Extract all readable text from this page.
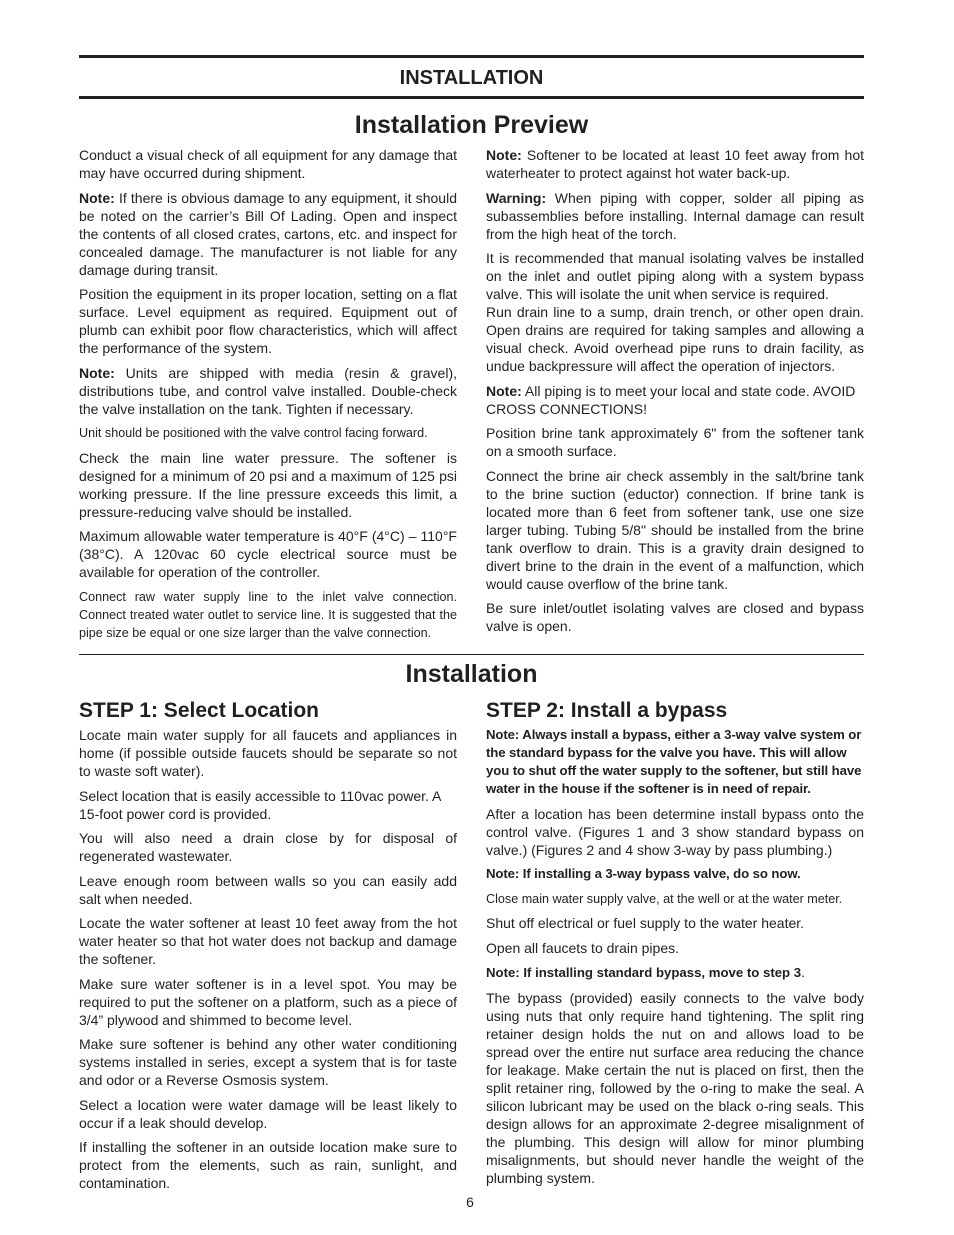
INSTALLATION
Installation Preview

Conduct a visual check of all equipment for any damage that may have occurred during shipment.

Note: If there is obvious damage to any equipment, it should be noted on the carrier’s Bill Of Lading. Open and inspect the contents of all closed crates, cartons, etc. and inspect for concealed damage. The manufacturer is not liable for any damage during transit.

Position the equipment in its proper location, setting on a flat surface. Level equipment as required. Equipment out of plumb can exhibit poor flow characteristics, which will affect the performance of the system.

Note: Units are shipped with media (resin & gravel), distributions tube, and control valve installed. Double-check the valve installation on the tank. Tighten if necessary.

Unit should be positioned with the valve control facing forward.

Check the main line water pressure. The softener is designed for a minimum of 20 psi and a maximum of 125 psi working pressure. If the line pressure exceeds this limit, a pressure-reducing valve should be installed.

Maximum allowable water temperature is 40°F (4°C) – 110°F (38°C). A 120vac 60 cycle electrical source must be available for operation of the controller.

Connect raw water supply line to the inlet valve connection. Connect treated water outlet to service line. It is suggested that the pipe size be equal or one size larger than the valve connection.

Note: Softener to be located at least 10 feet away from hot waterheater to protect against hot water back-up.

Warning: When piping with copper, solder all piping as subassemblies before installing. Internal damage can result from the high heat of the torch.

It is recommended that manual isolating valves be installed on the inlet and outlet piping along with a system bypass valve. This will isolate the unit when service is required.

Run drain line to a sump, drain trench, or other open drain. Open drains are required for taking samples and allowing a visual check. Avoid overhead pipe runs to drain facility, as undue backpressure will affect the operation of injectors.

Note: All piping is to meet your local and state code. AVOID CROSS CONNECTIONS!

Position brine tank approximately 6" from the softener tank on a smooth surface.

Connect the brine air check assembly in the salt/brine tank to the brine suction (eductor) connection. If brine tank is located more than 6 feet from softener tank, use one size larger tubing. Tubing 5/8" should be installed from the brine tank overflow to drain. This is a gravity drain designed to divert brine to the drain in the event of a malfunction, which would cause overflow of the brine tank.

Be sure inlet/outlet isolating valves are closed and bypass valve is open.

Installation

STEP 1: Select Location

Locate main water supply for all faucets and appliances in home (if possible outside faucets should be separate so not to waste soft water).

Select location that is easily accessible to 110vac power. A 15-foot power cord is provided.

You will also need a drain close by for disposal of regenerated wastewater.

Leave enough room between walls so you can easily add salt when needed.

Locate the water softener at least 10 feet away from the hot water heater so that hot water does not backup and damage the softener.

Make sure water softener is in a level spot. You may be required to put the softener on a platform, such as a piece of 3/4” plywood and shimmed to become level.

Make sure softener is behind any other water conditioning systems installed in series, except a system that is for taste and odor or a Reverse Osmosis system.

Select a location were water damage will be least likely to occur if a leak should develop.

If installing the softener in an outside location make sure to protect from the elements, such as rain, sunlight, and contamination.

STEP 2: Install a bypass

Note: Always install a bypass, either a 3-way valve system or the standard bypass for the valve you have. This will allow you to shut off the water supply to the softener, but still have water in the house if the softener is in need of repair.

After a location has been determine install bypass onto the control valve. (Figures 1 and 3 show standard bypass on valve.) (Figures 2 and 4 show 3-way by pass plumbing.)

Note: If installing a 3-way bypass valve, do so now.

Close main water supply valve, at the well or at the water meter.

Shut off electrical or fuel supply to the water heater.

Open all faucets to drain pipes.

Note: If installing standard bypass, move to step 3.

The bypass (provided) easily connects to the valve body using nuts that only require hand tightening. The split ring retainer design holds the nut on and allows load to be spread over the entire nut surface area reducing the chance for leakage. Make certain the nut is placed on first, then the split retainer ring, followed by the o-ring to make the seal. A silicon lubricant may be used on the black o-ring seals. This design allows for an approximate 2-degree misalignment of the plumbing. This design will allow for minor plumbing misalignments, but should never handle the weight of the plumbing system.

6
